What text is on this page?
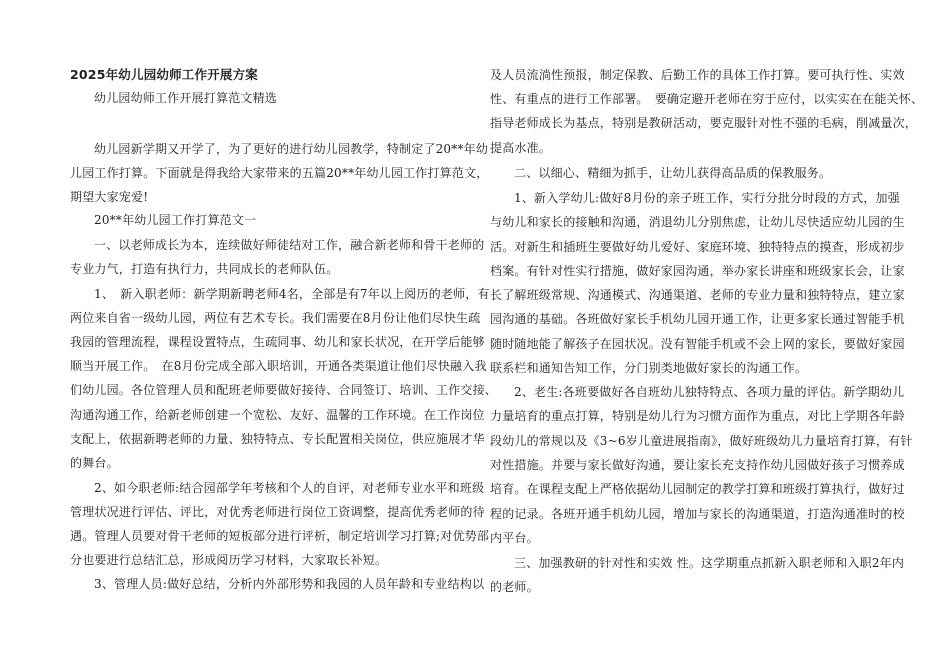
2025年幼儿园幼师工作开展方案
幼儿园幼师工作开展打算范文精选
幼儿园新学期又开学了，为了更好的进行幼儿园教学，特制定了20**年幼
儿园工作打算。下面就是得我给大家带来的五篇20**年幼儿园工作打算范文，
期望大家宠爱!
20**年幼儿园工作打算范文一
一、以老师成长为本，连续做好师徒结对工作，融合新老师和骨干老师的
专业力气，打造有执行力，共同成长的老师队伍。
1、　新入职老师：新学期新聘老师4名，全部是有7年以上阅历的老师，有
两位来自省一级幼儿园，两位有艺术专长。我们需要在8月份让他们尽快生疏
我园的管理流程，课程设置特点，生疏同事、幼儿和家长状况，在开学后能够
顺当开展工作。　在8月份完成全部入职培训，开通各类渠道让他们尽快融入我
们幼儿园。各位管理人员和配班老师要做好接待、合同签订、培训、工作交接、
沟通沟通工作，给新老师创建一个宽松、友好、温馨的工作环境。在工作岗位
支配上，依据新聘老师的力量、独特特点、专长配置相关岗位，供应施展才华
的舞台。
2、如今职老师:结合园部学年考核和个人的自评，对老师专业水平和班级
管理状况进行评估、评比，对优秀老师进行岗位工资调整，提高优秀老师的待
遇。管理人员要对骨干老师的短板部分进行评析，制定培训学习打算;对优势部
分也要进行总结汇总，形成阅历学习材料，大家取长补短。
3、管理人员:做好总结，分析内外部形势和我园的人员年龄和专业结构以
及人员流淌性预报，制定保教、后勤工作的具体工作打算。要可执行性、实效
性、有重点的进行工作部署。　要确定避开老师在穷于应付，以实实在在能关怀、
指导老师成长为基点，特别是教研活动，要克服针对性不强的毛病，削减量次，
提高水准。
二、以细心、精细为抓手，让幼儿获得高品质的保教服务。
1、新入学幼儿:做好8月份的亲子班工作，实行分批分时段的方式，加强
与幼儿和家长的接触和沟通，消退幼儿分别焦虑，让幼儿尽快适应幼儿园的生
活。对新生和插班生要做好幼儿爱好、家庭环境、独特特点的摸查，形成初步
档案。有针对性实行措施，做好家园沟通，举办家长讲座和班级家长会，让家
长了解班级常规、沟通模式、沟通渠道、老师的专业力量和独特特点，建立家
园沟通的基础。各班做好家长手机幼儿园开通工作，让更多家长通过智能手机
随时随地能了解孩子在园状况。没有智能手机或不会上网的家长，要做好家园
联系栏和通知告知工作，分门别类地做好家长的沟通工作。
2、老生:各班要做好各自班幼儿独特特点、各项力量的评估。新学期幼儿
力量培育的重点打算，特别是幼儿行为习惯方面作为重点，对比上学期各年龄
段幼儿的常规以及《3~6岁儿童进展指南》，做好班级幼儿力量培育打算，有针
对性措施。并要与家长做好沟通，要让家长充支持作幼儿园做好孩子习惯养成
培育。在课程支配上严格依据幼儿园制定的教学打算和班级打算执行，做好过
程的记录。各班开通手机幼儿园，增加与家长的沟通渠道，打造沟通准时的校
内平台。
三、加强教研的针对性和实效 性。这学期重点抓新入职老师和入职2年内
的老师。
